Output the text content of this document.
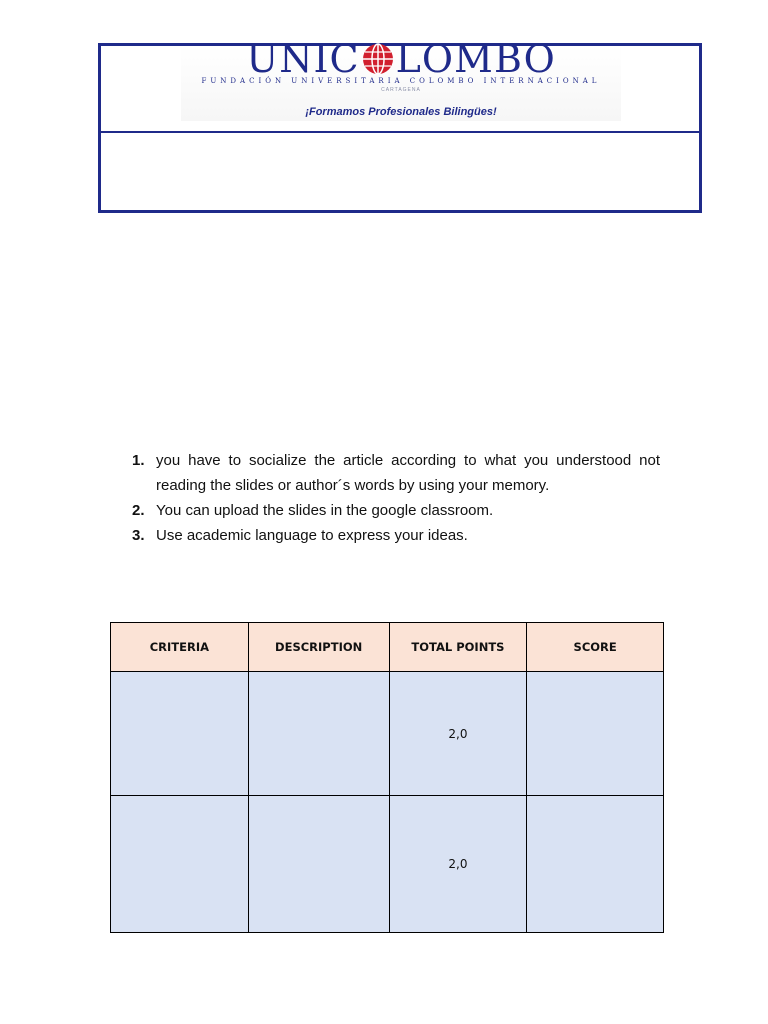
UNIC LOMBO
FUNDACIÓN UNIVERSITARIA COLOMBO INTERNACIONAL
CARTAGENA
¡Formamos Profesionales Bilingües!
1. you have to socialize the article according to what you understood not reading the slides or author´s words by using your memory.
2. You can upload the slides in the google classroom.
3. Use academic language to express your ideas.
CRITERIA	DESCRIPTION	TOTAL POINTS	SCORE
		2,0	
		2,0	
